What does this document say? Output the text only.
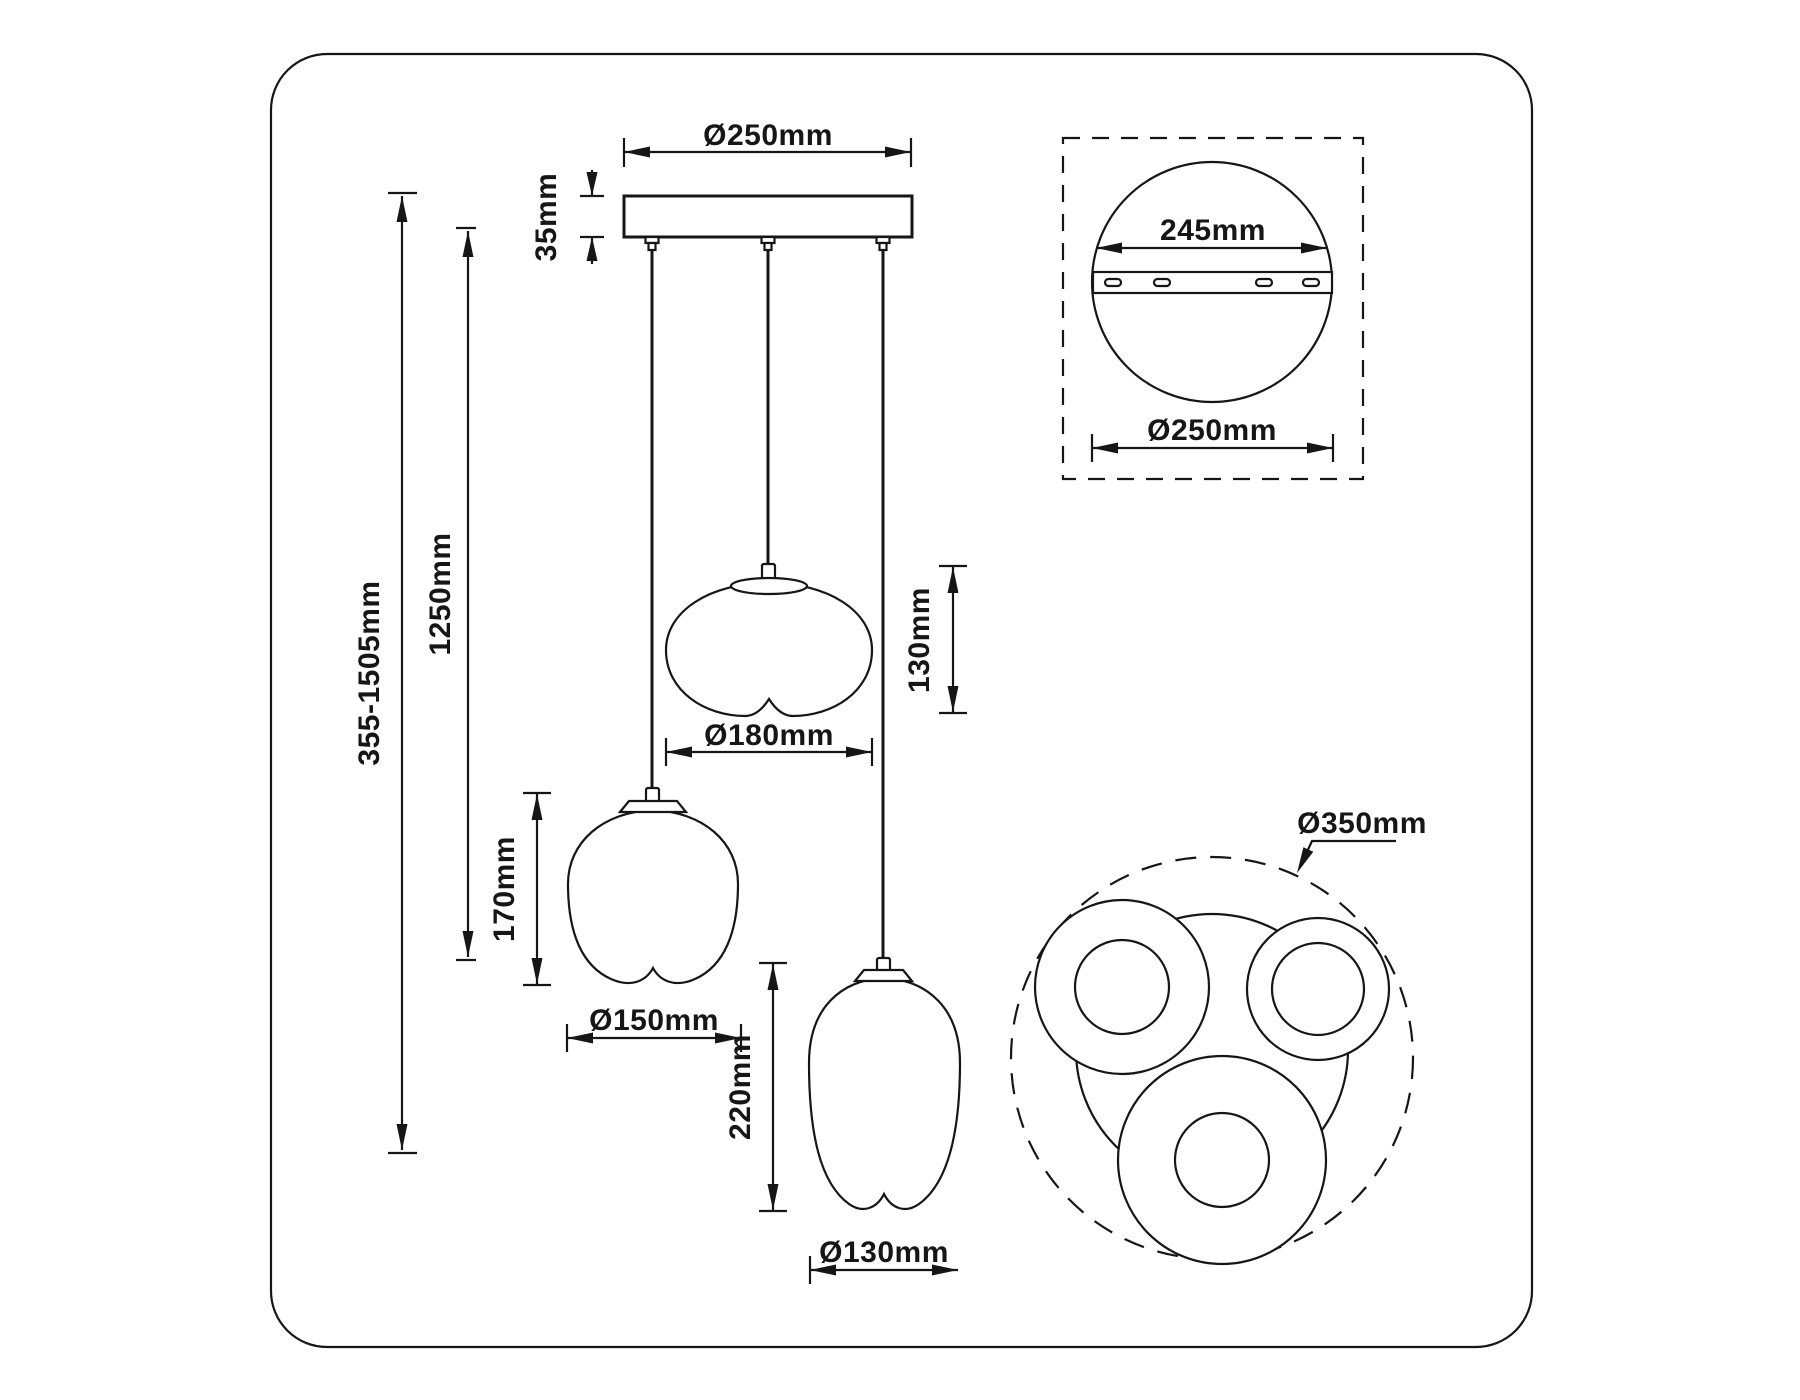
Ø250mm
35mm
355-1505mm 1250mm	130mm
Ø180mm
170mm
Ø150mm
220mm
Ø130mm
245mm
Ø250mm
Ø350mm
